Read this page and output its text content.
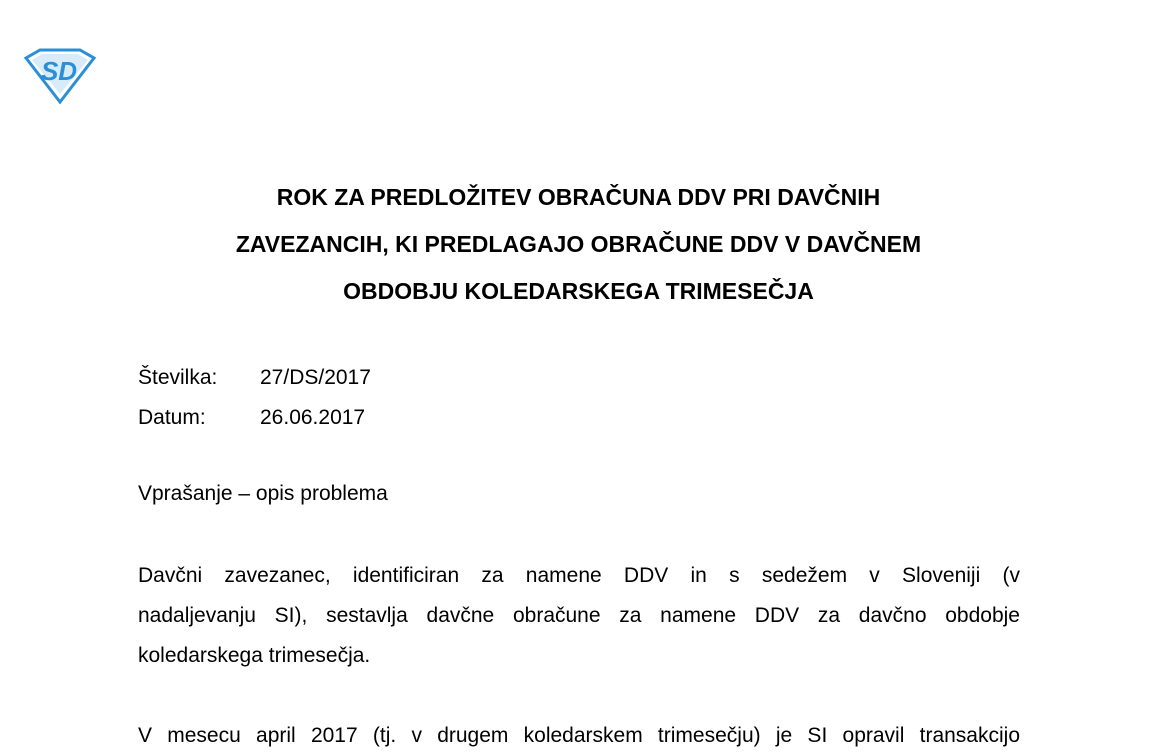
SD
ROK ZA PREDLOŽITEV OBRAČUNA DDV PRI DAVČNIH
ZAVEZANCIH, KI PREDLAGAJO OBRAČUNE DDV V DAVČNEM
OBDOBJU KOLEDARSKEGA TRIMESEČJA
Številka:	27/DS/2017
Datum:	26.06.2017
Vprašanje – opis problema
Davčni zavezanec, identificiran za namene DDV in s sedežem v Sloveniji (v
nadaljevanju SI), sestavlja davčne obračune za namene DDV za davčno obdobje
koledarskega trimesečja.
V mesecu april 2017 (tj. v drugem koledarskem trimesečju) je SI opravil transakcijo
